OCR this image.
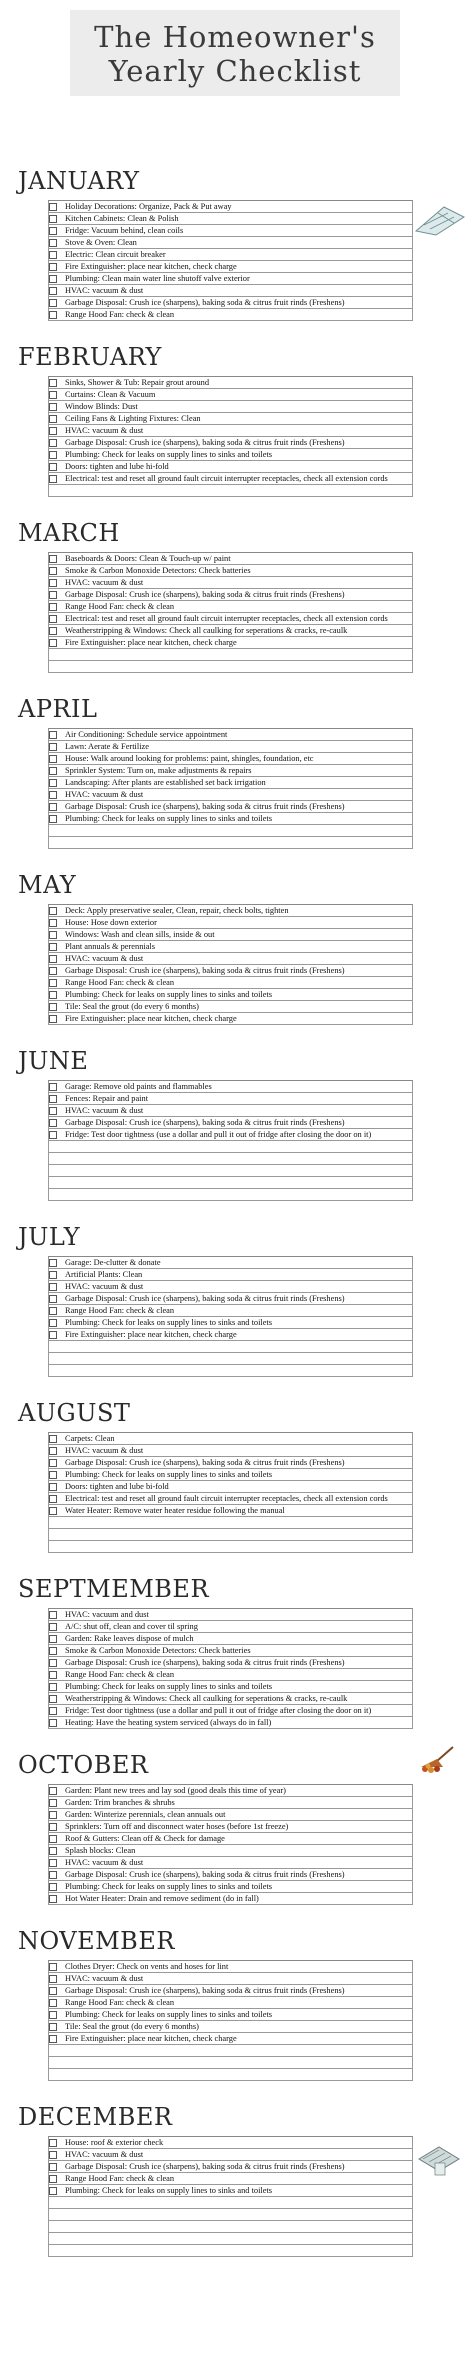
The Homeowner's
Yearly Checklist
JANUARY
Holiday Decorations: Organize, Pack & Put away
Kitchen Cabinets: Clean & Polish
Fridge: Vacuum behind, clean coils
Stove & Oven: Clean
Electric: Clean circuit breaker
Fire Extinguisher: place near kitchen, check charge
Plumbing: Clean main water line shutoff valve exterior
HVAC: vacuum & dust
Garbage Disposal: Crush ice (sharpens), baking soda & citrus fruit rinds (Freshens)
Range Hood Fan: check & clean
FEBRUARY
Sinks, Shower & Tub: Repair grout around
Curtains: Clean & Vacuum
Window Blinds: Dust
Ceiling Fans & Lighting Fixtures: Clean
HVAC: vacuum & dust
Garbage Disposal: Crush ice (sharpens), baking soda & citrus fruit rinds (Freshens)
Plumbing: Check for leaks on supply lines to sinks and toilets
Doors: tighten and lube hi-fold
Electrical: test and reset all ground fault circuit interrupter receptacles, check all extension cords
MARCH
Baseboards & Doors: Clean & Touch-up w/ paint
Smoke & Carbon Monoxide Detectors: Check batteries
HVAC: vacuum & dust
Garbage Disposal: Crush ice (sharpens), baking soda & citrus fruit rinds (Freshens)
Range Hood Fan: check & clean
Electrical: test and reset all ground fault circuit interrupter receptacles, check all extension cords
Weatherstripping & Windows: Check all caulking for seperations & cracks, re-caulk
Fire Extinguisher: place near kitchen, check charge
APRIL
Air Conditioning: Schedule service appointment
Lawn: Aerate & Fertilize
House: Walk around looking for problems: paint, shingles, foundation, etc
Sprinkler System: Turn on, make adjustments & repairs
Landscaping: After plants are established set back irrigation
HVAC: vacuum & dust
Garbage Disposal: Crush ice (sharpens), baking soda & citrus fruit rinds (Freshens)
Plumbing: Check for leaks on supply lines to sinks and toilets
MAY
Deck: Apply preservative sealer, Clean, repair, check bolts, tighten
House: Hose down exterior
Windows: Wash and clean sills, inside & out
Plant annuals & perennials
HVAC: vacuum & dust
Garbage Disposal: Crush ice (sharpens), baking soda & citrus fruit rinds (Freshens)
Range Hood Fan: check & clean
Plumbing: Check for leaks on supply lines to sinks and toilets
Tile: Seal the grout (do every 6 months)
Fire Extinguisher: place near kitchen, check charge
JUNE
Garage: Remove old paints and flammables
Fences: Repair and paint
HVAC: vacuum & dust
Garbage Disposal: Crush ice (sharpens), baking soda & citrus fruit rinds (Freshens)
Fridge: Test door tightness (use a dollar and pull it out of fridge after closing the door on it)
JULY
Garage: De-clutter & donate
Artificial Plants: Clean
HVAC: vacuum & dust
Garbage Disposal: Crush ice (sharpens), baking soda & citrus fruit rinds (Freshens)
Range Hood Fan: check & clean
Plumbing: Check for leaks on supply lines to sinks and toilets
Fire Extinguisher: place near kitchen, check charge
AUGUST
Carpets: Clean
HVAC: vacuum & dust
Garbage Disposal: Crush ice (sharpens), baking soda & citrus fruit rinds (Freshens)
Plumbing: Check for leaks on supply lines to sinks and toilets
Doors: tighten and lube bi-fold
Electrical: test and reset all ground fault circuit interrupter receptacles, check all extension cords
Water Heater: Remove water heater residue following the manual
SEPTMEMBER
HVAC: vacuum and dust
A/C: shut off, clean and cover til spring
Garden: Rake leaves dispose of mulch
Smoke & Carbon Monoxide Detectors: Check batteries
Garbage Disposal: Crush ice (sharpens), baking soda & citrus fruit rinds (Freshens)
Range Hood Fan: check & clean
Plumbing: Check for leaks on supply lines to sinks and toilets
Weatherstripping & Windows: Check all caulking for seperations & cracks, re-caulk
Fridge: Test door tightness (use a dollar and pull it out of fridge after closing the door on it)
Heating: Have the heating system serviced (always do in fall)
OCTOBER
Garden: Plant new trees and lay sod (good deals this time of year)
Garden: Trim branches & shrubs
Garden: Winterize perennials, clean annuals out
Sprinklers: Turn off and disconnect water hoses (before 1st freeze)
Roof & Gutters: Clean off & Check for damage
Splash blocks: Clean
HVAC: vacuum & dust
Garbage Disposal: Crush ice (sharpens), baking soda & citrus fruit rinds (Freshens)
Plumbing: Check for leaks on supply lines to sinks and toilets
Hot Water Heater: Drain and remove sediment (do in fall)
NOVEMBER
Clothes Dryer: Check on vents and hoses for lint
HVAC: vacuum & dust
Garbage Disposal: Crush ice (sharpens), baking soda & citrus fruit rinds (Freshens)
Range Hood Fan: check & clean
Plumbing: Check for leaks on supply lines to sinks and toilets
Tile: Seal the grout (do every 6 months)
Fire Extinguisher: place near kitchen, check charge
DECEMBER
House: roof & exterior check
HVAC: vacuum & dust
Garbage Disposal: Crush ice (sharpens), baking soda & citrus fruit rinds (Freshens)
Range Hood Fan: check & clean
Plumbing: Check for leaks on supply lines to sinks and toilets
